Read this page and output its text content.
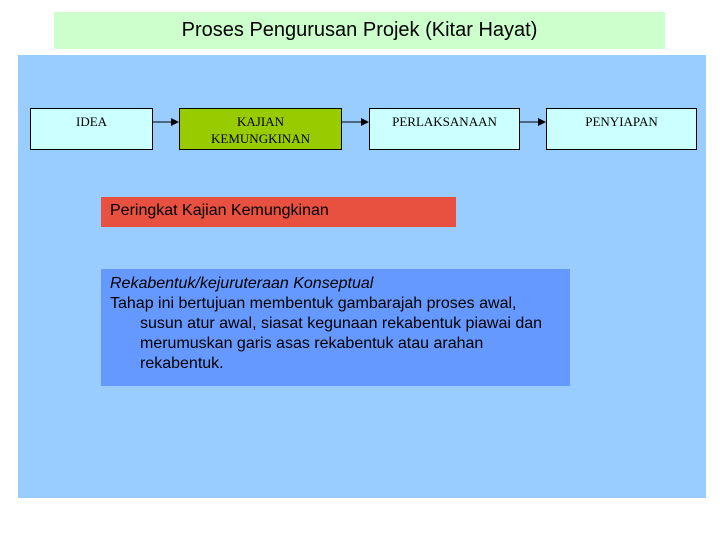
Proses Pengurusan Projek (Kitar Hayat)
IDEA	KAJIAN
KEMUNGKINAN
PERLAKSANAAN	PENYIAPAN
Peringkat Kajian Kemungkinan
Rekabentuk/kejuruteraan Konseptual
Tahap ini bertujuan membentuk gambarajah proses awal, susun atur awal, siasat kegunaan rekabentuk piawai dan merumuskan garis asas rekabentuk atau arahan rekabentuk.
